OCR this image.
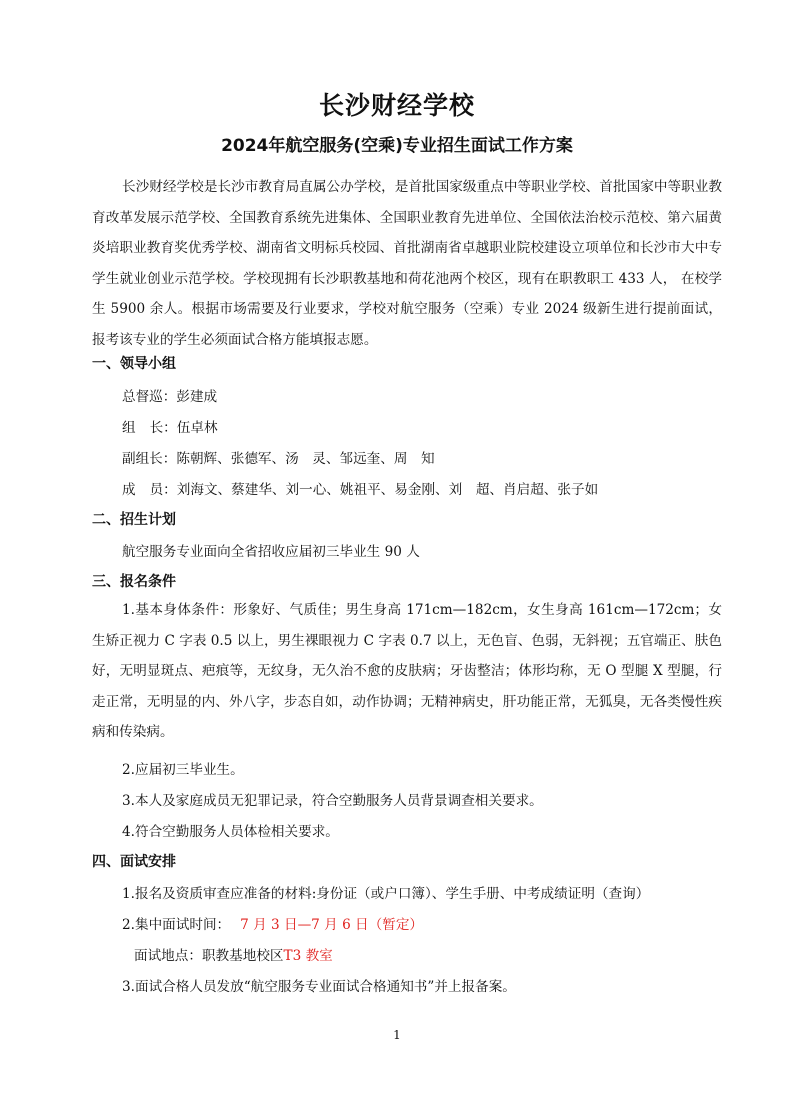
长沙财经学校
2024年航空服务(空乘)专业招生面试工作方案

长沙财经学校是长沙市教育局直属公办学校，是首批国家级重点中等职业学校、首批国家中等职业教育改革发展示范学校、全国教育系统先进集体、全国职业教育先进单位、全国依法治校示范校、第六届黄炎培职业教育奖优秀学校、湖南省文明标兵校园、首批湖南省卓越职业院校建设立项单位和长沙市大中专学生就业创业示范学校。学校现拥有长沙职教基地和荷花池两个校区，现有在职教职工 433 人， 在校学生 5900 余人。根据市场需要及行业要求，学校对航空服务（空乘）专业 2024 级新生进行提前面试，报考该专业的学生必须面试合格方能填报志愿。

一、领导小组
总督巡：彭建成
组 长：伍卓林
副组长：陈朝辉、张德军、汤　灵、邹远奎、周　知
成 员：刘海文、蔡建华、刘一心、姚祖平、易金刚、刘　超、肖启超、张子如
二、招生计划
航空服务专业面向全省招收应届初三毕业生 90 人
三、报名条件

1.基本身体条件：形象好、气质佳；男生身高 171cm—182cm，女生身高 161cm—172cm；女生矫正视力 C 字表 0.5 以上，男生裸眼视力 C 字表 0.7 以上，无色盲、色弱，无斜视；五官端正、肤色好，无明显斑点、疤痕等，无纹身，无久治不愈的皮肤病；牙齿整洁；体形均称，无 O 型腿 X 型腿，行走正常，无明显的内、外八字，步态自如，动作协调；无精神病史，肝功能正常，无狐臭，无各类慢性疾病和传染病。

2.应届初三毕业生。
3.本人及家庭成员无犯罪记录，符合空勤服务人员背景调查相关要求。
4.符合空勤服务人员体检相关要求。
四、面试安排
1.报名及资质审查应准备的材料:身份证（或户口簿）、学生手册、中考成绩证明（查询）
2.集中面试时间： 7 月 3 日—7 月 6 日（暂定）
面试地点：职教基地校区T3 教室
3.面试合格人员发放“航空服务专业面试合格通知书”并上报备案。
1
